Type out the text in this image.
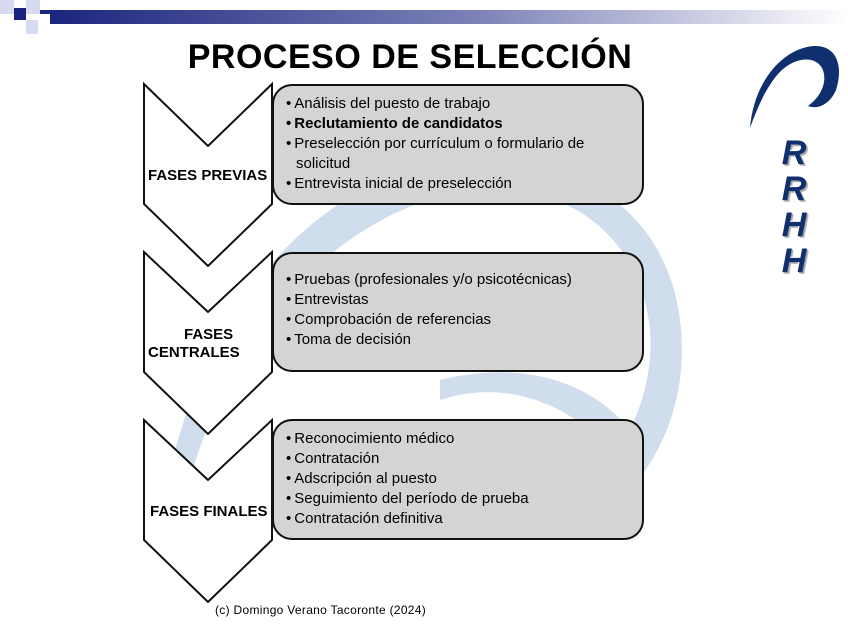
PROCESO DE SELECCIÓN
FASES PREVIAS
FASES
CENTRALES
FASES FINALES
• Análisis del puesto de trabajo
• Reclutamiento de candidatos
• Preselección por currículum o formulario de solicitud
• Entrevista inicial de preselección
• Pruebas (profesionales y/o psicotécnicas)
• Entrevistas
• Comprobación de referencias
• Toma de decisión
• Reconocimiento médico
• Contratación
• Adscripción al puesto
• Seguimiento del período de prueba
• Contratación definitiva
R
R
H
H
(c) Domingo Verano Tacoronte (2024)
